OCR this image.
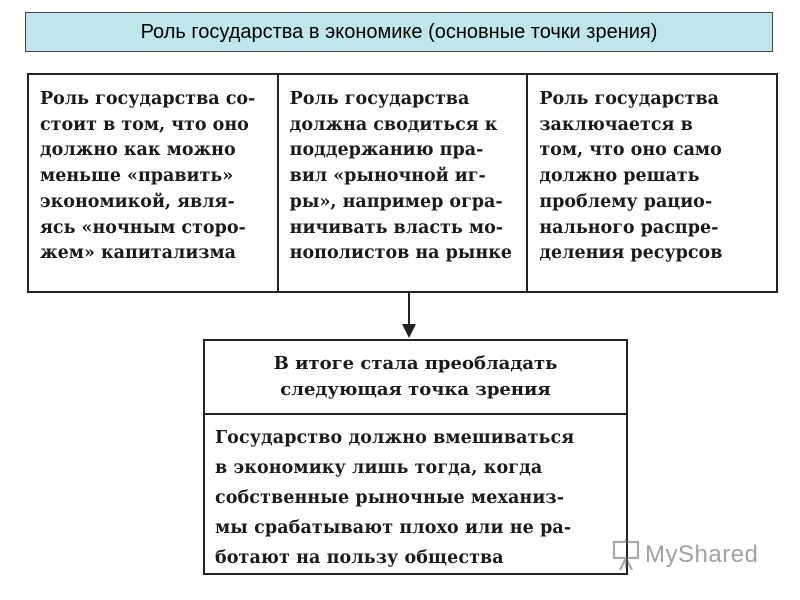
Роль государства в экономике (основные точки зрения)
Роль государства со-
стоит в том, что оно
должно как можно
меньше «править»
экономикой, явля-
ясь «ночным сторо-
жем» капитализма
Роль государства
должна сводиться к
поддержанию пра-
вил «рыночной иг-
ры», например огра-
ничивать власть мо-
нополистов на рынке
Роль государства
заключается в
том, что оно само
должно решать
проблему рацио-
нального распре-
деления ресурсов
В итоге стала преобладать
следующая точка зрения
Государство должно вмешиваться
в экономику лишь тогда, когда
собственные рыночные механиз-
мы срабатывают плохо или не ра-
ботают на пользу общества	MyShared
